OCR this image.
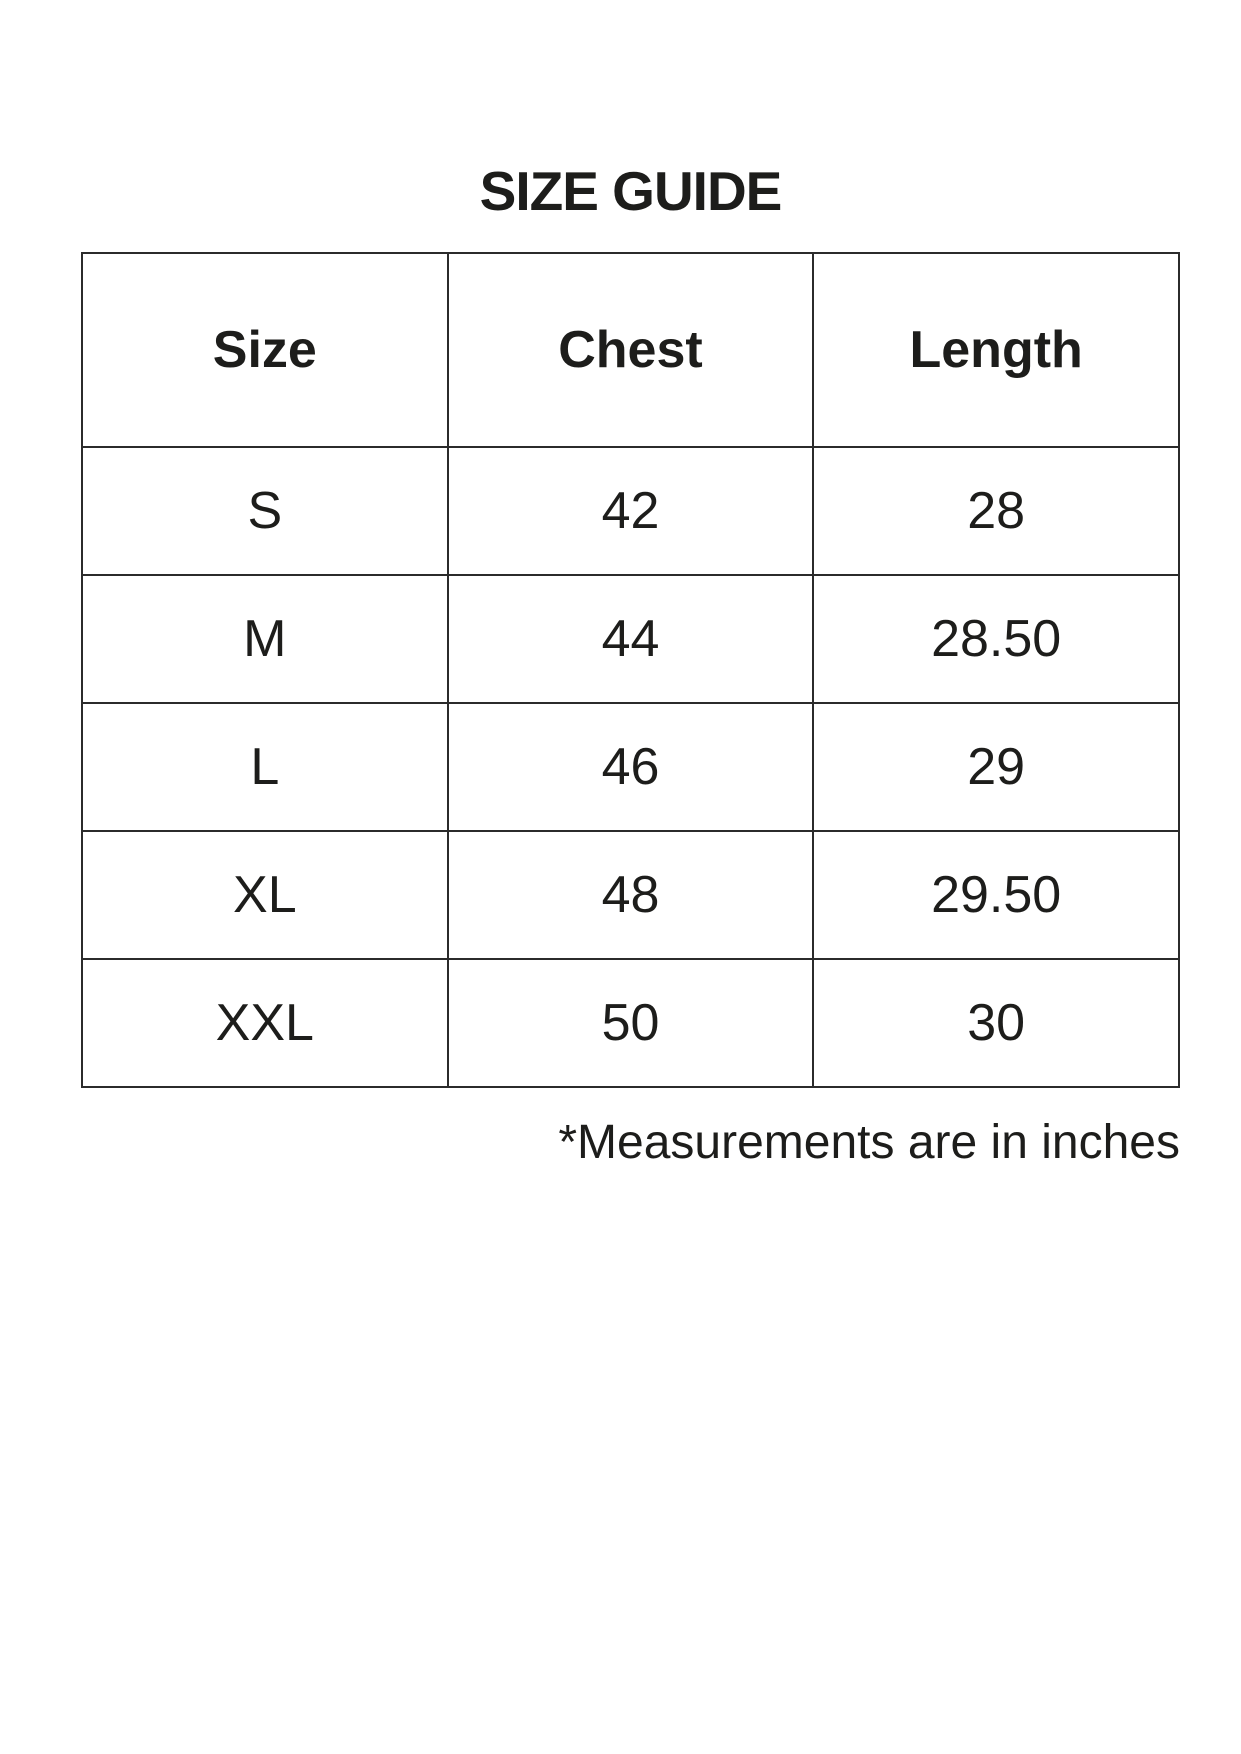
SIZE GUIDE
Size	Chest	Length
S	42	28
M	44	28.50
L	46	29
XL	48	29.50
XXL	50	30
*Measurements are in inches
